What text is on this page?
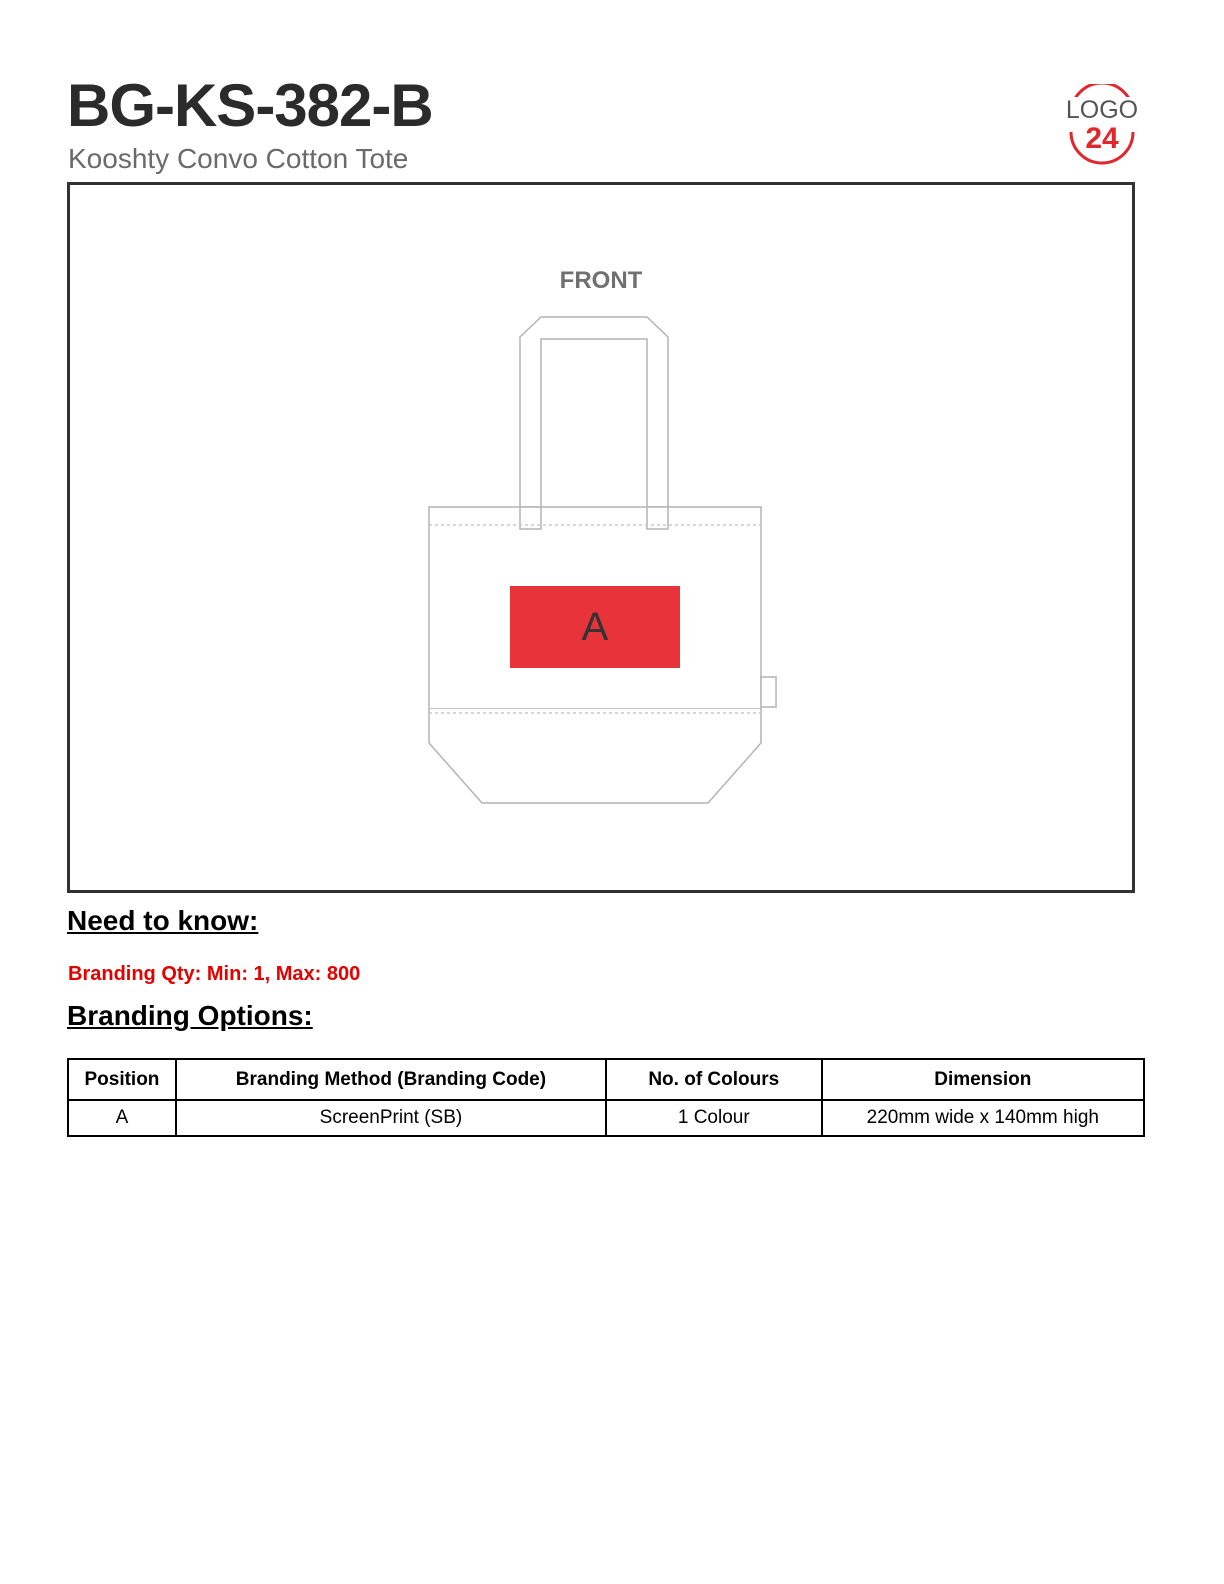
BG-KS-382-B
Kooshty Convo Cotton Tote
LOGO
24
FRONT
A
Need to know:
Branding Qty: Min: 1, Max: 800
Branding Options:
Position	Branding Method (Branding Code)	No. of Colours	Dimension
A	ScreenPrint (SB)	1 Colour	220mm wide x 140mm high
